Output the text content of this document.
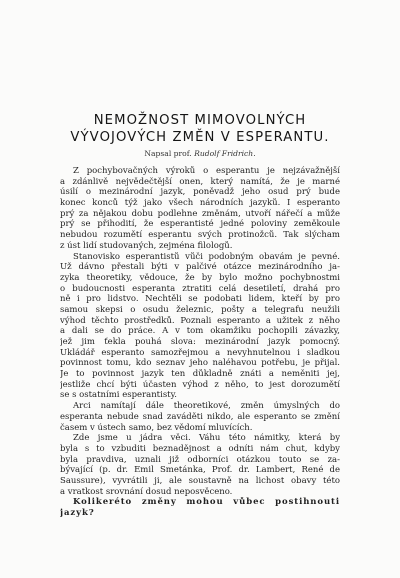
NEMOŽNOST MIMOVOLNÝCH
VÝVOJOVÝCH ZMĚN V ESPERANTU.
Napsal prof. Rudolf Fridrich.
Z pochybovačných výroků o esperantu je nejzávažnější
a zdánlivě nejvědečtější onen, který namítá, že je marné
úsilí o mezinárodní jazyk, poněvadž jeho osud prý bude
konec konců týž jako všech národních jazyků. I esperanto
prý za nějakou dobu podlehne změnám, utvoří nářečí a může
prý se přihodití, že esperantisté jedné poloviny zeměkoule
nebudou rozumětí esperantu svých protinožců. Tak slýcham
z úst lidí studovaných, zejména filologů.
Stanovisko esperantistů vůči podobným obavám je pevné.
Už dávno přestali býti v palčivé otázce mezinárodního ja-
zyka theoretiky, vědouce, že by bylo možno pochybnostmi
o budoucnosti esperanta ztratiti celá desetiletí, drahá pro
ně i pro lidstvo. Nechtěli se podobati lidem, kteří by pro
samou skepsi o osudu železnic, pošty a telegrafu neužili
výhod těchto prostředků. Poznali esperanto a užitek z něho
a dali se do práce. A v tom okamžiku pochopili závazky,
jež jim ťekla pouhá slova: mezinárodní jazyk pomocný.
Ukládář esperanto samozřejmou a nevyhnutelnou i sladkou
povinnost tomu, kdo seznav jeho naléhavou potřebu, je přijal.
Je to povinnost jazyk ten důkladně znáti a neměniti jej,
jestliže chcí býti účasten výhod z něho, to jest dorozumětí
se s ostatními esperantisty.
Arci namítají dále theoretikové, změn úmyslných do
esperanta nebude snad zaváděti nikdo, ale esperanto se změní
časem v ústech samo, bez vědomí mluvících.
Zde jsme u jádra věci. Váhu této námitky, která by
byla s to vzbuditi beznadějnost a odníti nám chut, kdyby
byla pravdiva, uznali již odborníci otázkou touto se za-
bývající (p. dr. Emil Smetánka, Prof. dr. Lambert, René de
Saussure), vyvrátili ji, ale soustavně na lichost obavy této
a vratkost srovnání dosud neposvěceno.
Kolikeréto změny mohou vůbec postihnouti
jazyk?
